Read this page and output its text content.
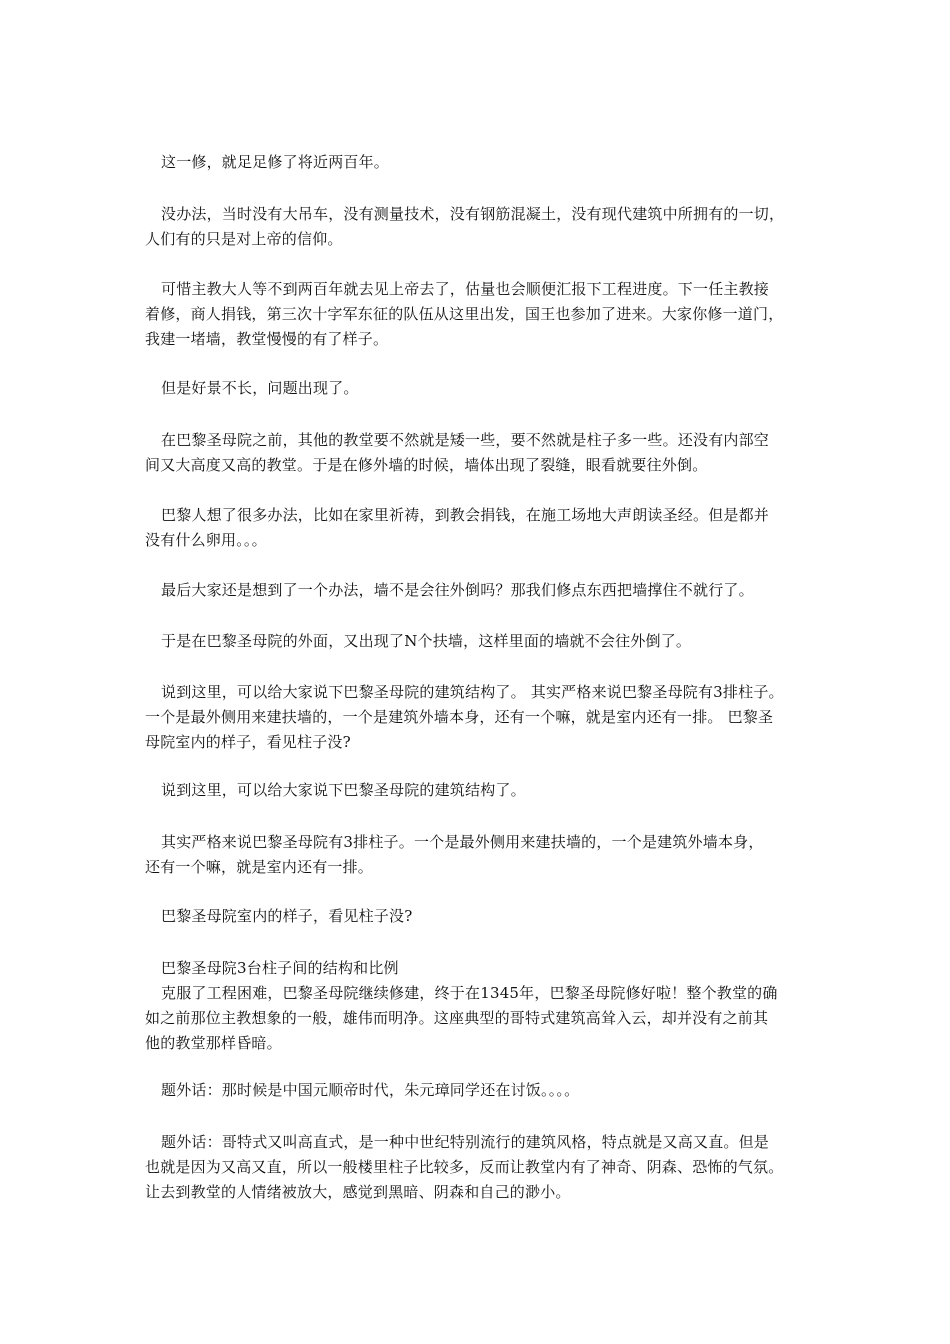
这一修，就足足修了将近两百年。
没办法，当时没有大吊车，没有测量技术，没有钢筋混凝土，没有现代建筑中所拥有的一切，
人们有的只是对上帝的信仰。
可惜主教大人等不到两百年就去见上帝去了，估量也会顺便汇报下工程进度。下一任主教接
着修，商人捐钱，第三次十字军东征的队伍从这里出发，国王也参加了进来。大家你修一道门，
我建一堵墙，教堂慢慢的有了样子。
但是好景不长，问题出现了。
在巴黎圣母院之前，其他的教堂要不然就是矮一些，要不然就是柱子多一些。还没有内部空
间又大高度又高的教堂。于是在修外墙的时候，墙体出现了裂缝，眼看就要往外倒。
巴黎人想了很多办法，比如在家里祈祷，到教会捐钱，在施工场地大声朗读圣经。但是都并
没有什么卵用。。。
最后大家还是想到了一个办法，墙不是会往外倒吗？那我们修点东西把墙撑住不就行了。
于是在巴黎圣母院的外面，又出现了N个扶墙，这样里面的墙就不会往外倒了。
说到这里，可以给大家说下巴黎圣母院的建筑结构了。 其实严格来说巴黎圣母院有3排柱子。
一个是最外侧用来建扶墙的，一个是建筑外墙本身，还有一个嘛，就是室内还有一排。 巴黎圣
母院室内的样子，看见柱子没?
说到这里，可以给大家说下巴黎圣母院的建筑结构了。
其实严格来说巴黎圣母院有3排柱子。一个是最外侧用来建扶墙的，一个是建筑外墙本身，
还有一个嘛，就是室内还有一排。
巴黎圣母院室内的样子，看见柱子没?
巴黎圣母院3台柱子间的结构和比例
克服了工程困难，巴黎圣母院继续修建，终于在1345年，巴黎圣母院修好啦！整个教堂的确
如之前那位主教想象的一般，雄伟而明净。这座典型的哥特式建筑高耸入云，却并没有之前其
他的教堂那样昏暗。
题外话：那时候是中国元顺帝时代，朱元璋同学还在讨饭。。。。
题外话：哥特式又叫高直式，是一种中世纪特别流行的建筑风格，特点就是又高又直。但是
也就是因为又高又直，所以一般楼里柱子比较多，反而让教堂内有了神奇、阴森、恐怖的气氛。
让去到教堂的人情绪被放大，感觉到黑暗、阴森和自己的渺小。
